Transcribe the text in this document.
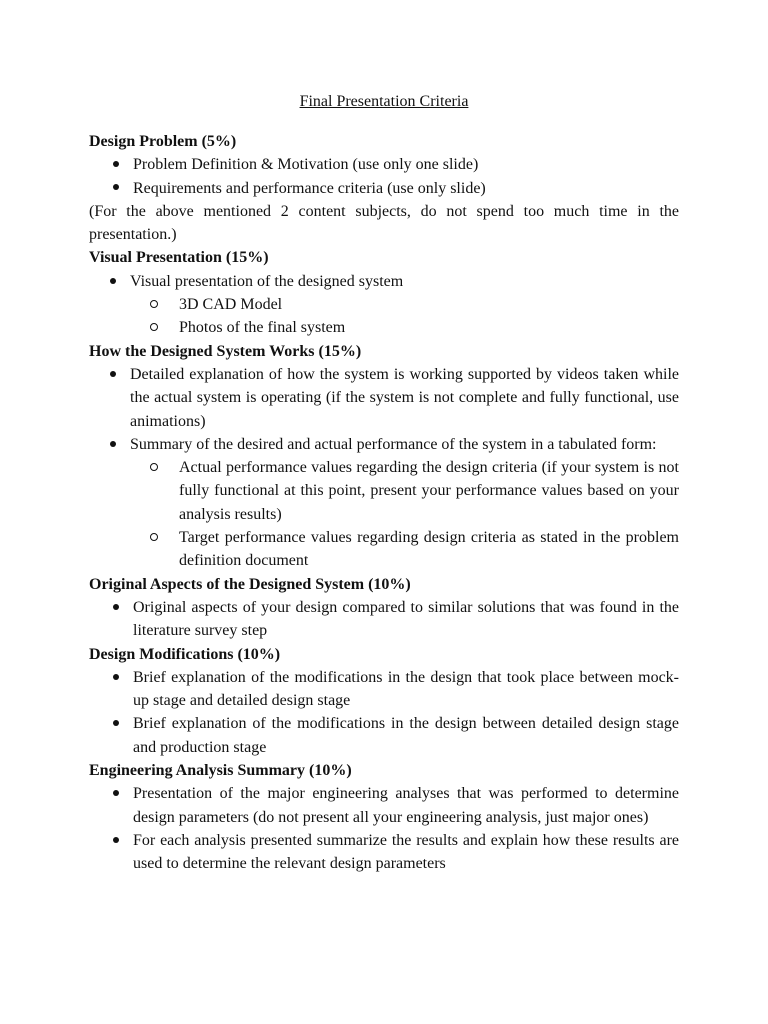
Final Presentation Criteria
Design Problem (5%)
Problem Definition & Motivation (use only one slide)
Requirements and performance criteria (use only slide)
(For the above mentioned 2 content subjects, do not spend too much time in the presentation.)
Visual Presentation (15%)
Visual presentation of the designed system
3D CAD Model
Photos of the final system
How the Designed System Works (15%)
Detailed explanation of how the system is working supported by videos taken while the actual system is operating (if the system is not complete and fully functional, use animations)
Summary of the desired and actual performance of the system in a tabulated form:
Actual performance values regarding the design criteria (if your system is not fully functional at this point, present your performance values based on your analysis results)
Target performance values regarding design criteria as stated in the problem definition document
Original Aspects of the Designed System (10%)
Original aspects of your design compared to similar solutions that was found in the literature survey step
Design Modifications (10%)
Brief explanation of the modifications in the design that took place between mock-up stage and detailed design stage
Brief explanation of the modifications in the design between detailed design stage and production stage
Engineering Analysis Summary (10%)
Presentation of the major engineering analyses that was performed to determine design parameters (do not present all your engineering analysis, just major ones)
For each analysis presented summarize the results and explain how these results are used to determine the relevant design parameters
